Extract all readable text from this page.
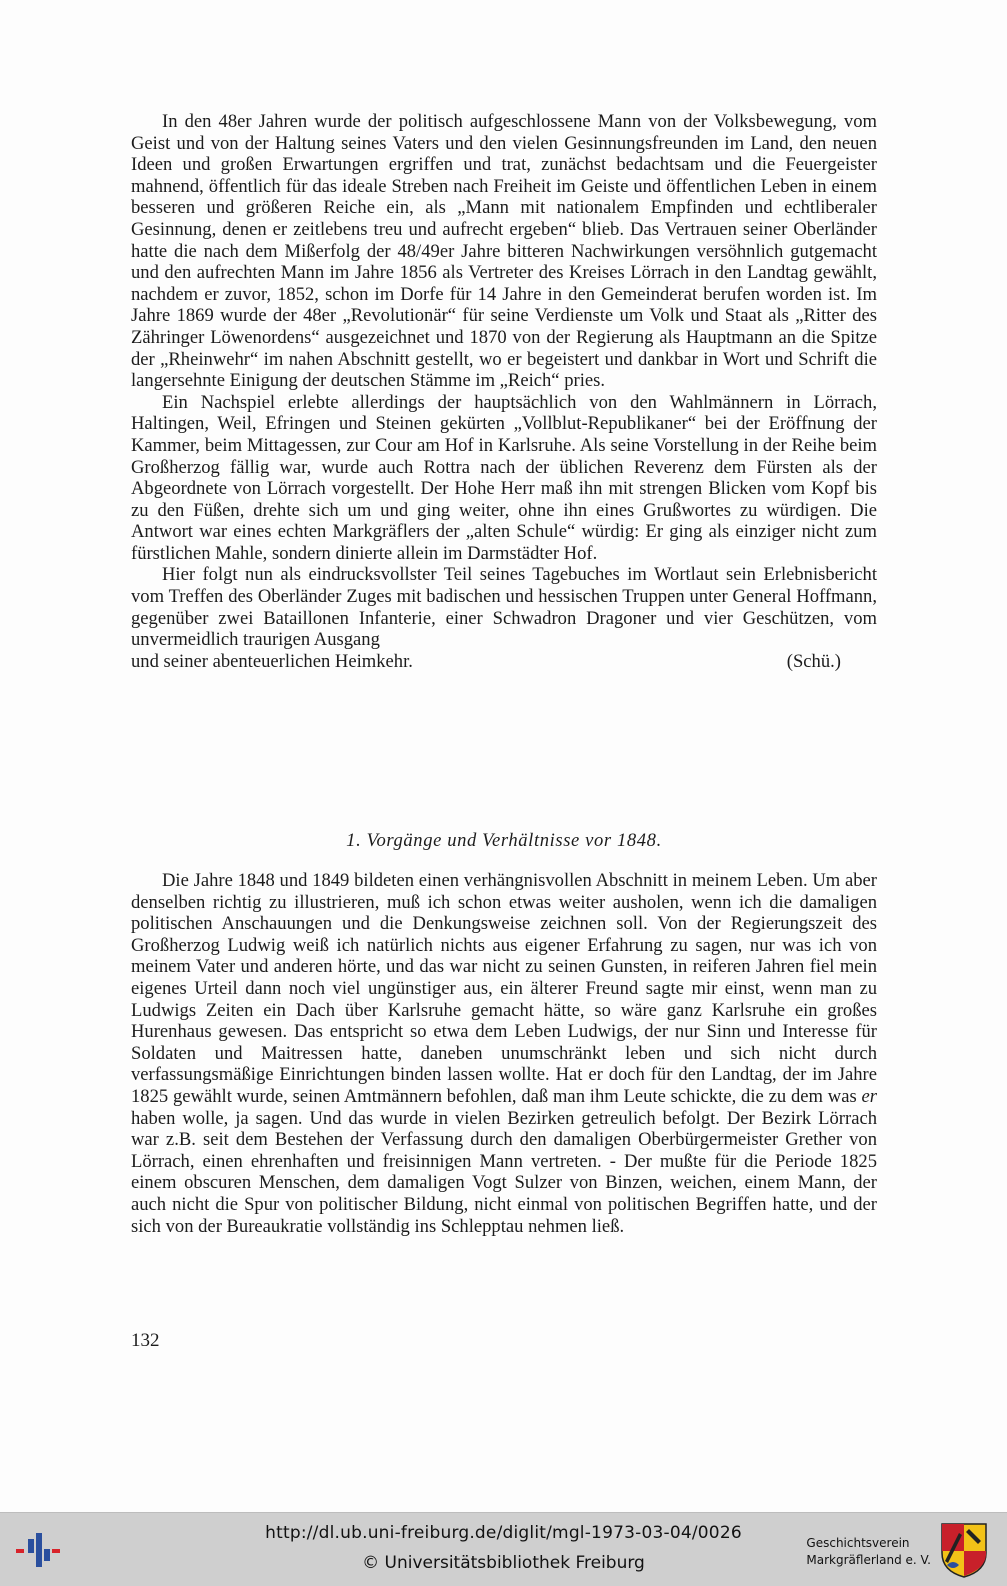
In den 48er Jahren wurde der politisch aufgeschlossene Mann von der Volksbewegung, vom Geist und von der Haltung seines Vaters und den vielen Gesinnungsfreunden im Land, den neuen Ideen und großen Erwartungen ergriffen und trat, zunächst bedachtsam und die Feuergeister mahnend, öffentlich für das ideale Streben nach Freiheit im Geiste und öffentlichen Leben in einem besseren und größeren Reiche ein, als „Mann mit nationalem Empfinden und echtliberaler Gesinnung, denen er zeitlebens treu und aufrecht ergeben“ blieb. Das Vertrauen seiner Oberländer hatte die nach dem Mißerfolg der 48/49er Jahre bitteren Nachwirkungen versöhnlich gutgemacht und den aufrechten Mann im Jahre 1856 als Vertreter des Kreises Lörrach in den Landtag gewählt, nachdem er zuvor, 1852, schon im Dorfe für 14 Jahre in den Gemeinderat berufen worden ist. Im Jahre 1869 wurde der 48er „Revolutionär“ für seine Verdienste um Volk und Staat als „Ritter des Zähringer Löwenordens“ ausgezeichnet und 1870 von der Regierung als Hauptmann an die Spitze der „Rheinwehr“ im nahen Abschnitt gestellt, wo er begeistert und dankbar in Wort und Schrift die langersehnte Einigung der deutschen Stämme im „Reich“ pries.

Ein Nachspiel erlebte allerdings der hauptsächlich von den Wahlmännern in Lörrach, Haltingen, Weil, Efringen und Steinen gekürten „Vollblut-Republikaner“ bei der Eröffnung der Kammer, beim Mittagessen, zur Cour am Hof in Karlsruhe. Als seine Vorstellung in der Reihe beim Großherzog fällig war, wurde auch Rottra nach der üblichen Reverenz dem Fürsten als der Abgeordnete von Lörrach vorgestellt. Der Hohe Herr maß ihn mit strengen Blicken vom Kopf bis zu den Füßen, drehte sich um und ging weiter, ohne ihn eines Grußwortes zu würdigen. Die Antwort war eines echten Markgräflers der „alten Schule“ würdig: Er ging als einziger nicht zum fürstlichen Mahle, sondern dinierte allein im Darmstädter Hof.

Hier folgt nun als eindrucksvollster Teil seines Tagebuches im Wortlaut sein Erlebnisbericht vom Treffen des Oberländer Zuges mit badischen und hessischen Truppen unter General Hoffmann, gegenüber zwei Bataillonen Infanterie, einer Schwadron Dragoner und vier Geschützen, vom unvermeidlich traurigen Ausgang

und seiner abenteuerlichen Heimkehr.	(Schü.)
1. Vorgänge und Verhältnisse vor 1848.

Die Jahre 1848 und 1849 bildeten einen verhängnisvollen Abschnitt in meinem Leben. Um aber denselben richtig zu illustrieren, muß ich schon etwas weiter ausholen, wenn ich die damaligen politischen Anschauungen und die Denkungsweise zeichnen soll. Von der Regierungszeit des Großherzog Ludwig weiß ich natürlich nichts aus eigener Erfahrung zu sagen, nur was ich von meinem Vater und anderen hörte, und das war nicht zu seinen Gunsten, in reiferen Jahren fiel mein eigenes Urteil dann noch viel ungünstiger aus, ein älterer Freund sagte mir einst, wenn man zu Ludwigs Zeiten ein Dach über Karlsruhe gemacht hätte, so wäre ganz Karlsruhe ein großes Hurenhaus gewesen. Das entspricht so etwa dem Leben Ludwigs, der nur Sinn und Interesse für Soldaten und Maitressen hatte, daneben unumschränkt leben und sich nicht durch verfassungsmäßige Einrichtungen binden lassen wollte. Hat er doch für den Landtag, der im Jahre 1825 gewählt wurde, seinen Amtmännern befohlen, daß man ihm Leute schickte, die zu dem was er haben wolle, ja sagen. Und das wurde in vielen Bezirken getreulich befolgt. Der Bezirk Lörrach war z.B. seit dem Bestehen der Verfassung durch den damaligen Oberbürgermeister Grether von Lörrach, einen ehrenhaften und freisinnigen Mann vertreten. - Der mußte für die Periode 1825 einem obscuren Menschen, dem damaligen Vogt Sulzer von Binzen, weichen, einem Mann, der auch nicht die Spur von politischer Bildung, nicht einmal von politischen Begriffen hatte, und der sich von der Bureaukratie vollständig ins Schlepptau nehmen ließ.

132
http://dl.ub.uni-freiburg.de/diglit/mgl-1973-03-04/0026
© Universitätsbibliothek Freiburg
Geschichtsverein
Markgräflerland e. V.
